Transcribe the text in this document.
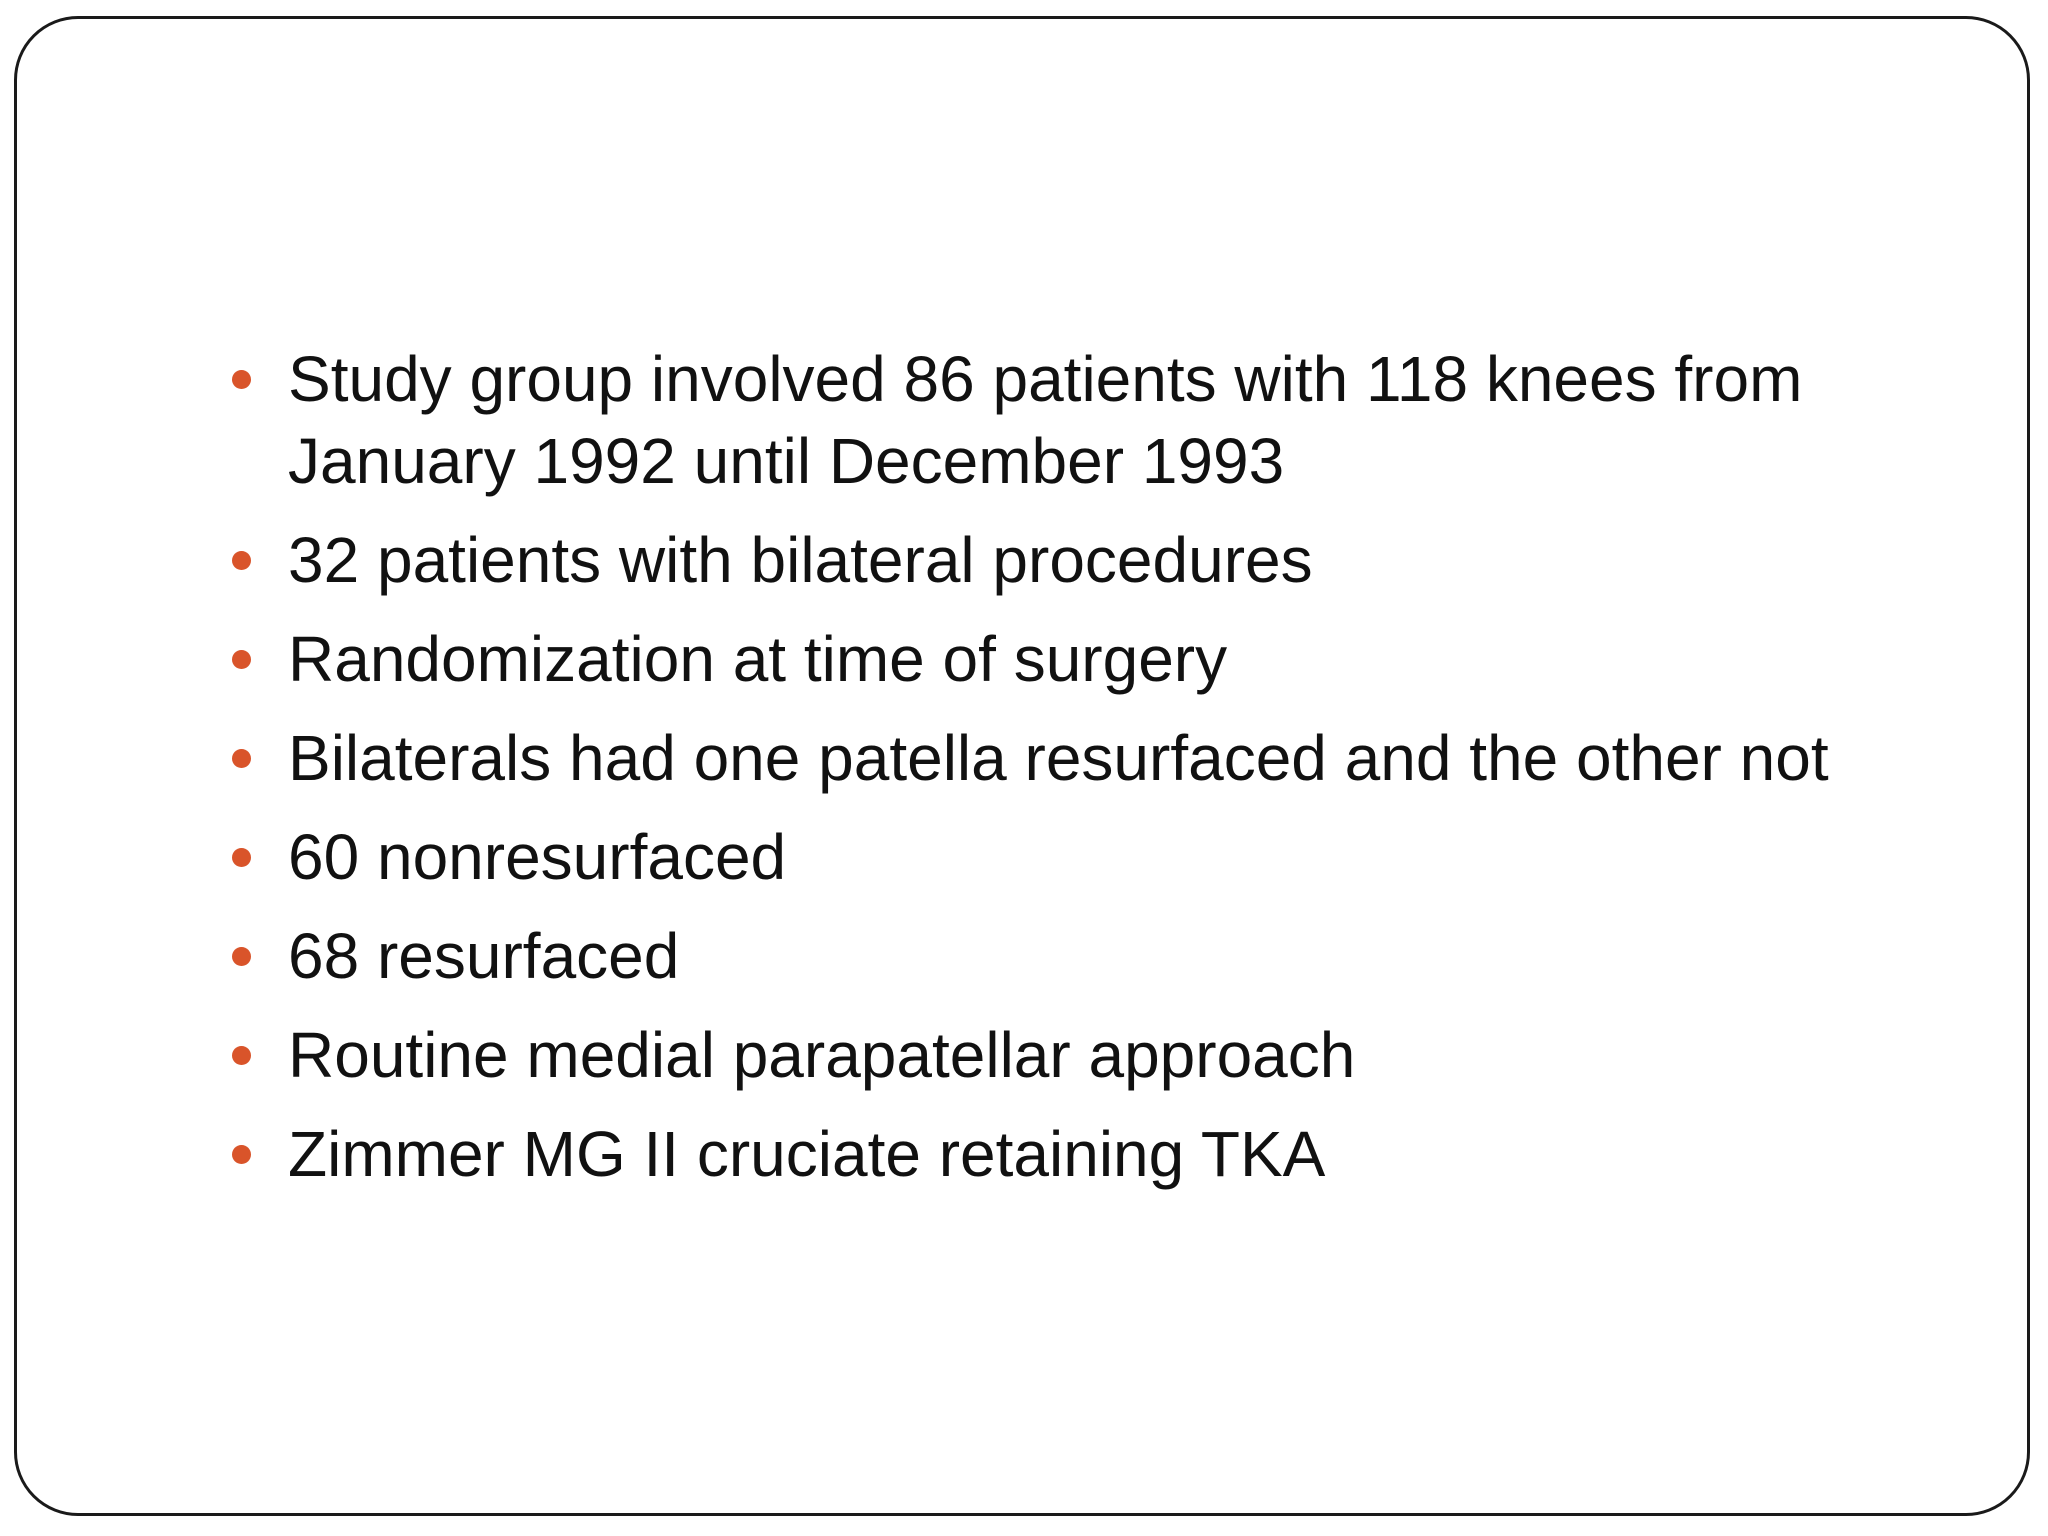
Study group involved 86 patients with 118 knees from January 1992 until December 1993
32 patients with bilateral procedures
Randomization at time of surgery
Bilaterals had one patella resurfaced and the other not
60 nonresurfaced
68 resurfaced
Routine medial parapatellar approach
Zimmer MG II cruciate retaining TKA
